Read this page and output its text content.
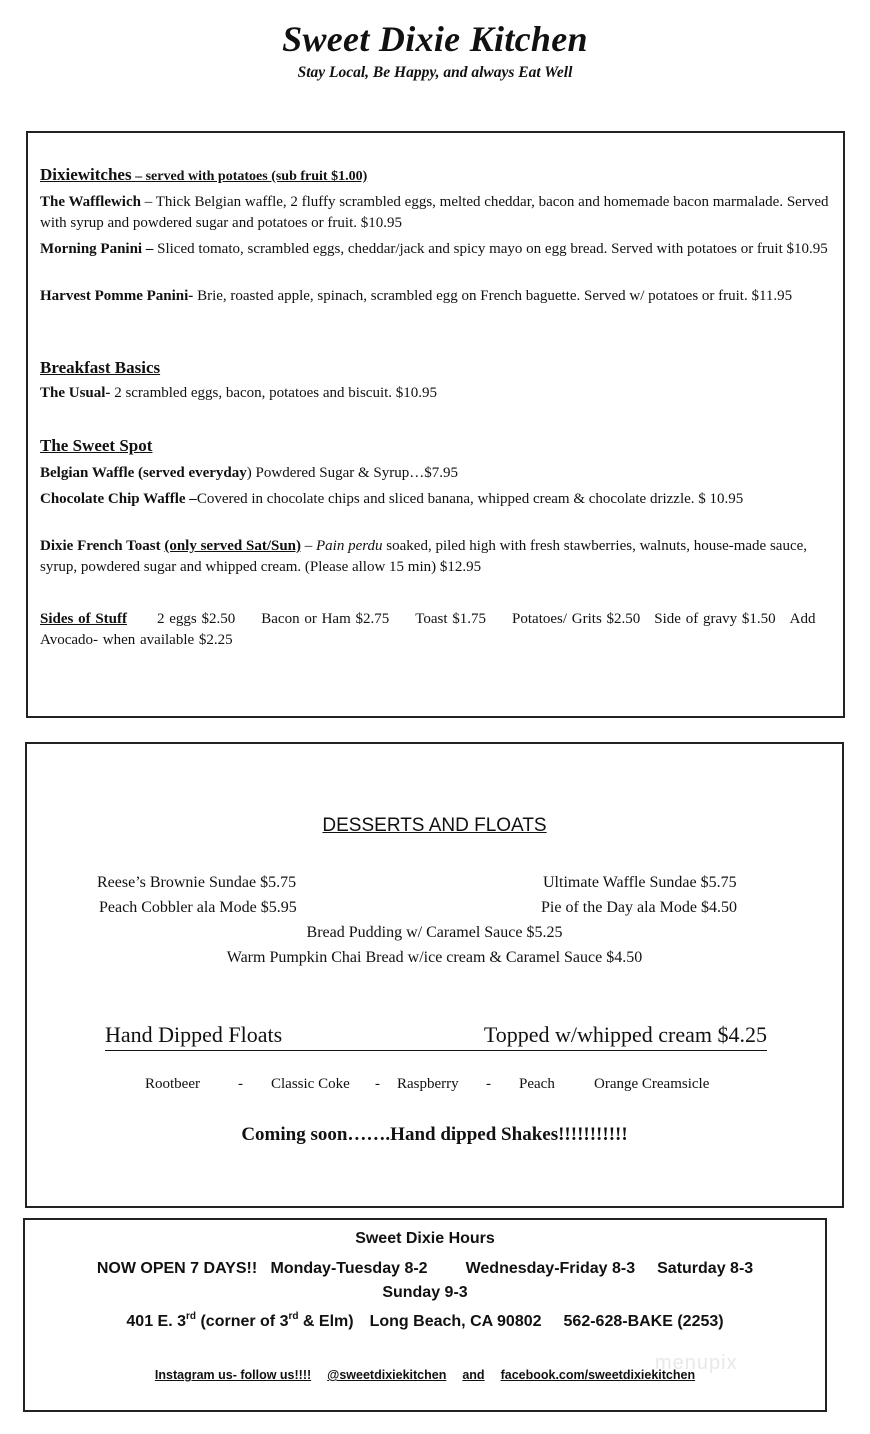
Sweet Dixie Kitchen
Stay Local, Be Happy, and always Eat Well
Dixiewitches – served with potatoes (sub fruit $1.00)
The Wafflewich – Thick Belgian waffle, 2 fluffy scrambled eggs, melted cheddar, bacon and homemade bacon marmalade. Served with syrup and powdered sugar and potatoes or fruit. $10.95
Morning Panini – Sliced tomato, scrambled eggs, cheddar/jack and spicy mayo on egg bread. Served with potatoes or fruit $10.95
Harvest Pomme Panini- Brie, roasted apple, spinach, scrambled egg on French baguette. Served w/ potatoes or fruit. $11.95
Breakfast Basics
The Usual- 2 scrambled eggs, bacon, potatoes and biscuit. $10.95
The Sweet Spot
Belgian Waffle (served everyday) Powdered Sugar & Syrup…$7.95
Chocolate Chip Waffle –Covered in chocolate chips and sliced banana, whipped cream & chocolate drizzle. $ 10.95
Dixie French Toast (only served Sat/Sun) – Pain perdu soaked, piled high with fresh stawberries, walnuts, house-made sauce, syrup, powdered sugar and whipped cream. (Please allow 15 min) $12.95
Sides of Stuff 2 eggs $2.50 Bacon or Ham $2.75 Toast $1.75 Potatoes/ Grits $2.50 Side of gravy $1.50 Add Avocado- when available $2.25
DESSERTS AND FLOATS
Reese’s Brownie Sundae $5.75
Peach Cobbler ala Mode $5.95
Ultimate Waffle Sundae $5.75
Pie of the Day ala Mode $4.50
Bread Pudding w/ Caramel Sauce $5.25
Warm Pumpkin Chai Bread w/ice cream & Caramel Sauce $4.50
Hand Dipped Floats	Topped w/whipped cream $4.25
Rootbeer	- Classic Coke - Raspberry - Peach	Orange Creamsicle
Coming soon…….Hand dipped Shakes!!!!!!!!!!!
Sweet Dixie Hours
NOW OPEN 7 DAYS!! Monday-Tuesday 8-2 Wednesday-Friday 8-3 Saturday 8-3
Sunday 9-3
401 E. 3rd (corner of 3rd & Elm) Long Beach, CA 90802 562-628-BAKE (2253)
Instagram us- follow us!!!! @sweetdixiekitchen and facebook.com/sweetdixiekitchen
menupix
